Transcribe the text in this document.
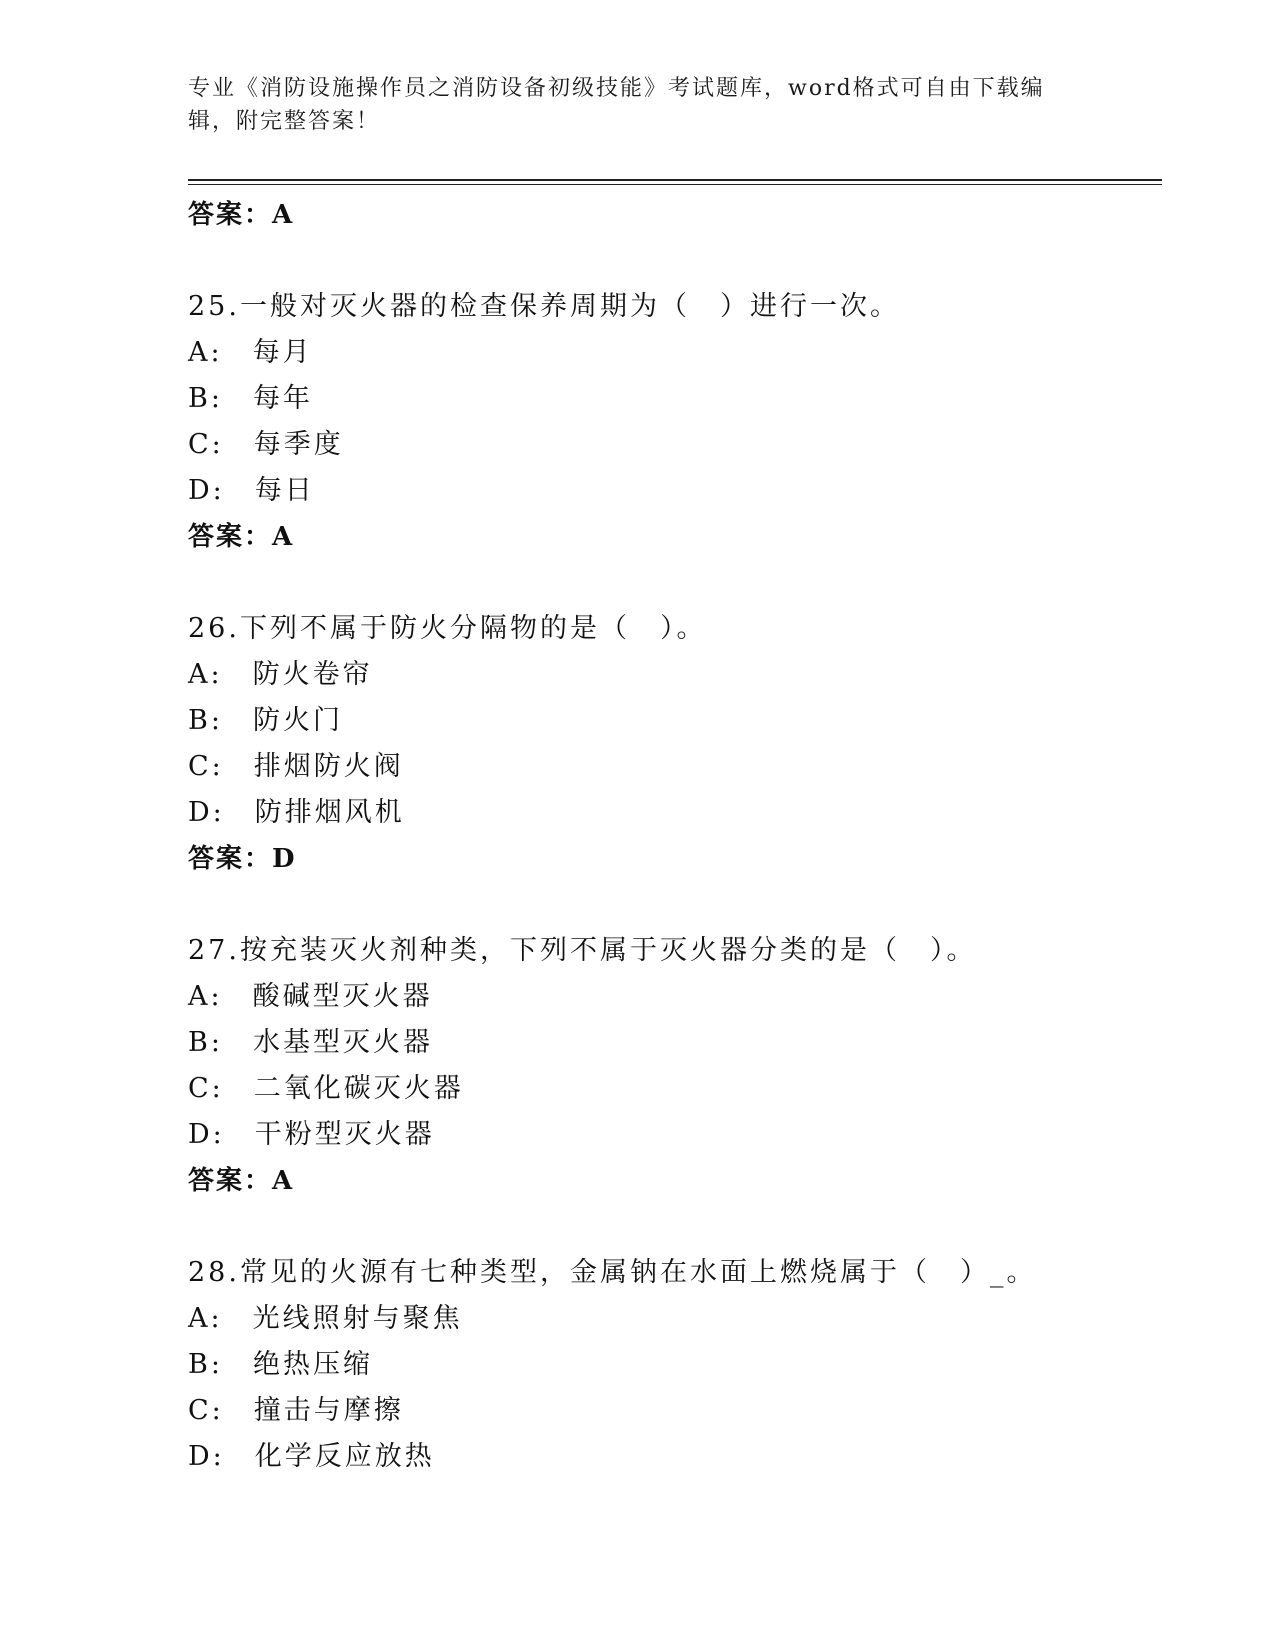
专业《消防设施操作员之消防设备初级技能》考试题库，word格式可自由下载编辑，附完整答案！
答案：A
25.一般对灭火器的检查保养周期为（　）进行一次。
A:　每月
B:　每年
C:　每季度
D:　每日
答案：A
26.下列不属于防火分隔物的是（　）。
A:　防火卷帘
B:　防火门
C:　排烟防火阀
D:　防排烟风机
答案：D
27.按充装灭火剂种类，下列不属于灭火器分类的是（　）。
A:　酸碱型灭火器
B:　水基型灭火器
C:　二氧化碳灭火器
D:　干粉型灭火器
答案：A
28.常见的火源有七种类型，金属钠在水面上燃烧属于（　）_。
A:　光线照射与聚焦
B:　绝热压缩
C:　撞击与摩擦
D:　化学反应放热
